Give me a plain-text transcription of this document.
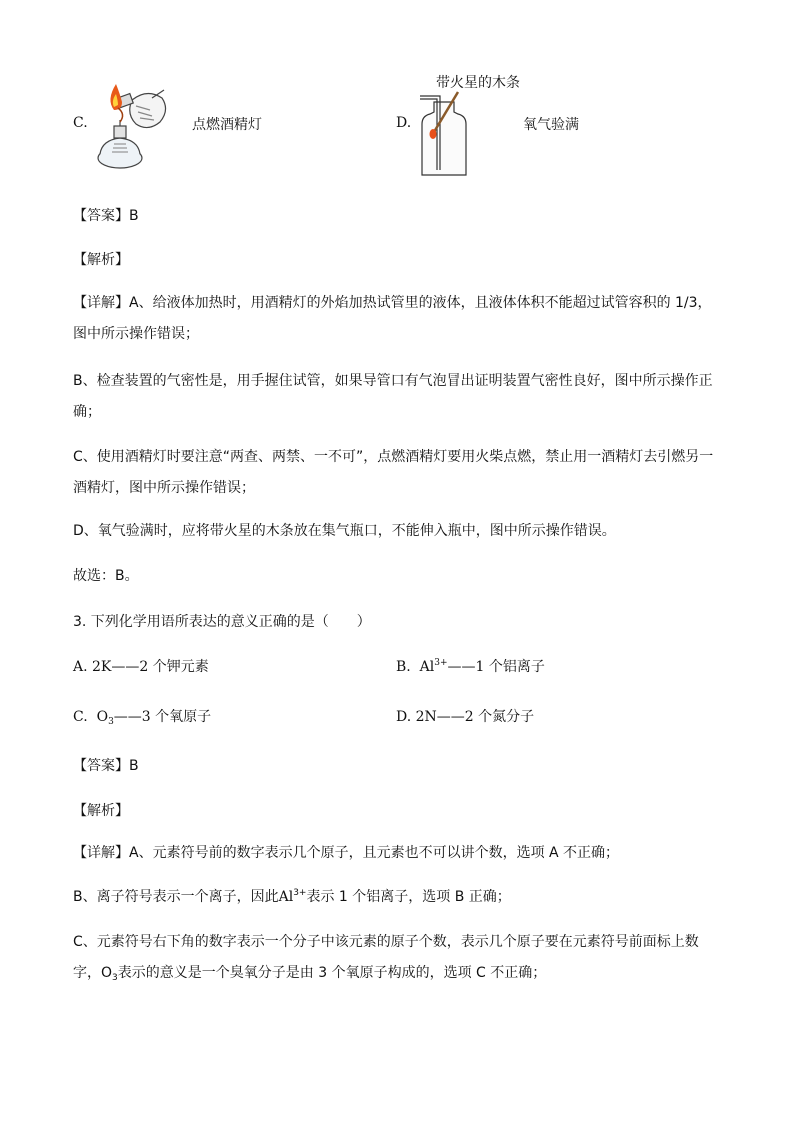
C.	点燃酒精灯
带火星的木条
D.	氧气验满
【答案】B
【解析】
【详解】A、给液体加热时，用酒精灯的外焰加热试管里的液体，且液体体积不能超过试管容积的 1/3，图中所示操作错误；
B、检查装置的气密性是，用手握住试管，如果导管口有气泡冒出证明装置气密性良好，图中所示操作正确；
C、使用酒精灯时要注意“两查、两禁、一不可”，点燃酒精灯要用火柴点燃，禁止用一酒精灯去引燃另一酒精灯，图中所示操作错误；
D、氧气验满时，应将带火星的木条放在集气瓶口，不能伸入瓶中，图中所示操作错误。
故选：B。
3. 下列化学用语所表达的意义正确的是（　　）
A. 2K——2 个钾元素	B. $Al^{3+}——1$ 个铝离子
C. $O_3——3$ 个氧原子	D. 2N——2 个氮分子
【答案】B
【解析】
【详解】A、元素符号前的数字表示几个原子，且元素也不可以讲个数，选项 A 不正确；
B、离子符号表示一个离子，因此$Al^{3+}$表示 1 个铝离子，选项 B 正确；
C、元素符号右下角的数字表示一个分子中该元素的原子个数，表示几个原子要在元素符号前面标上数
字，$O_3$表示的意义是一个臭氧分子是由 3 个氧原子构成的，选项 C 不正确；
